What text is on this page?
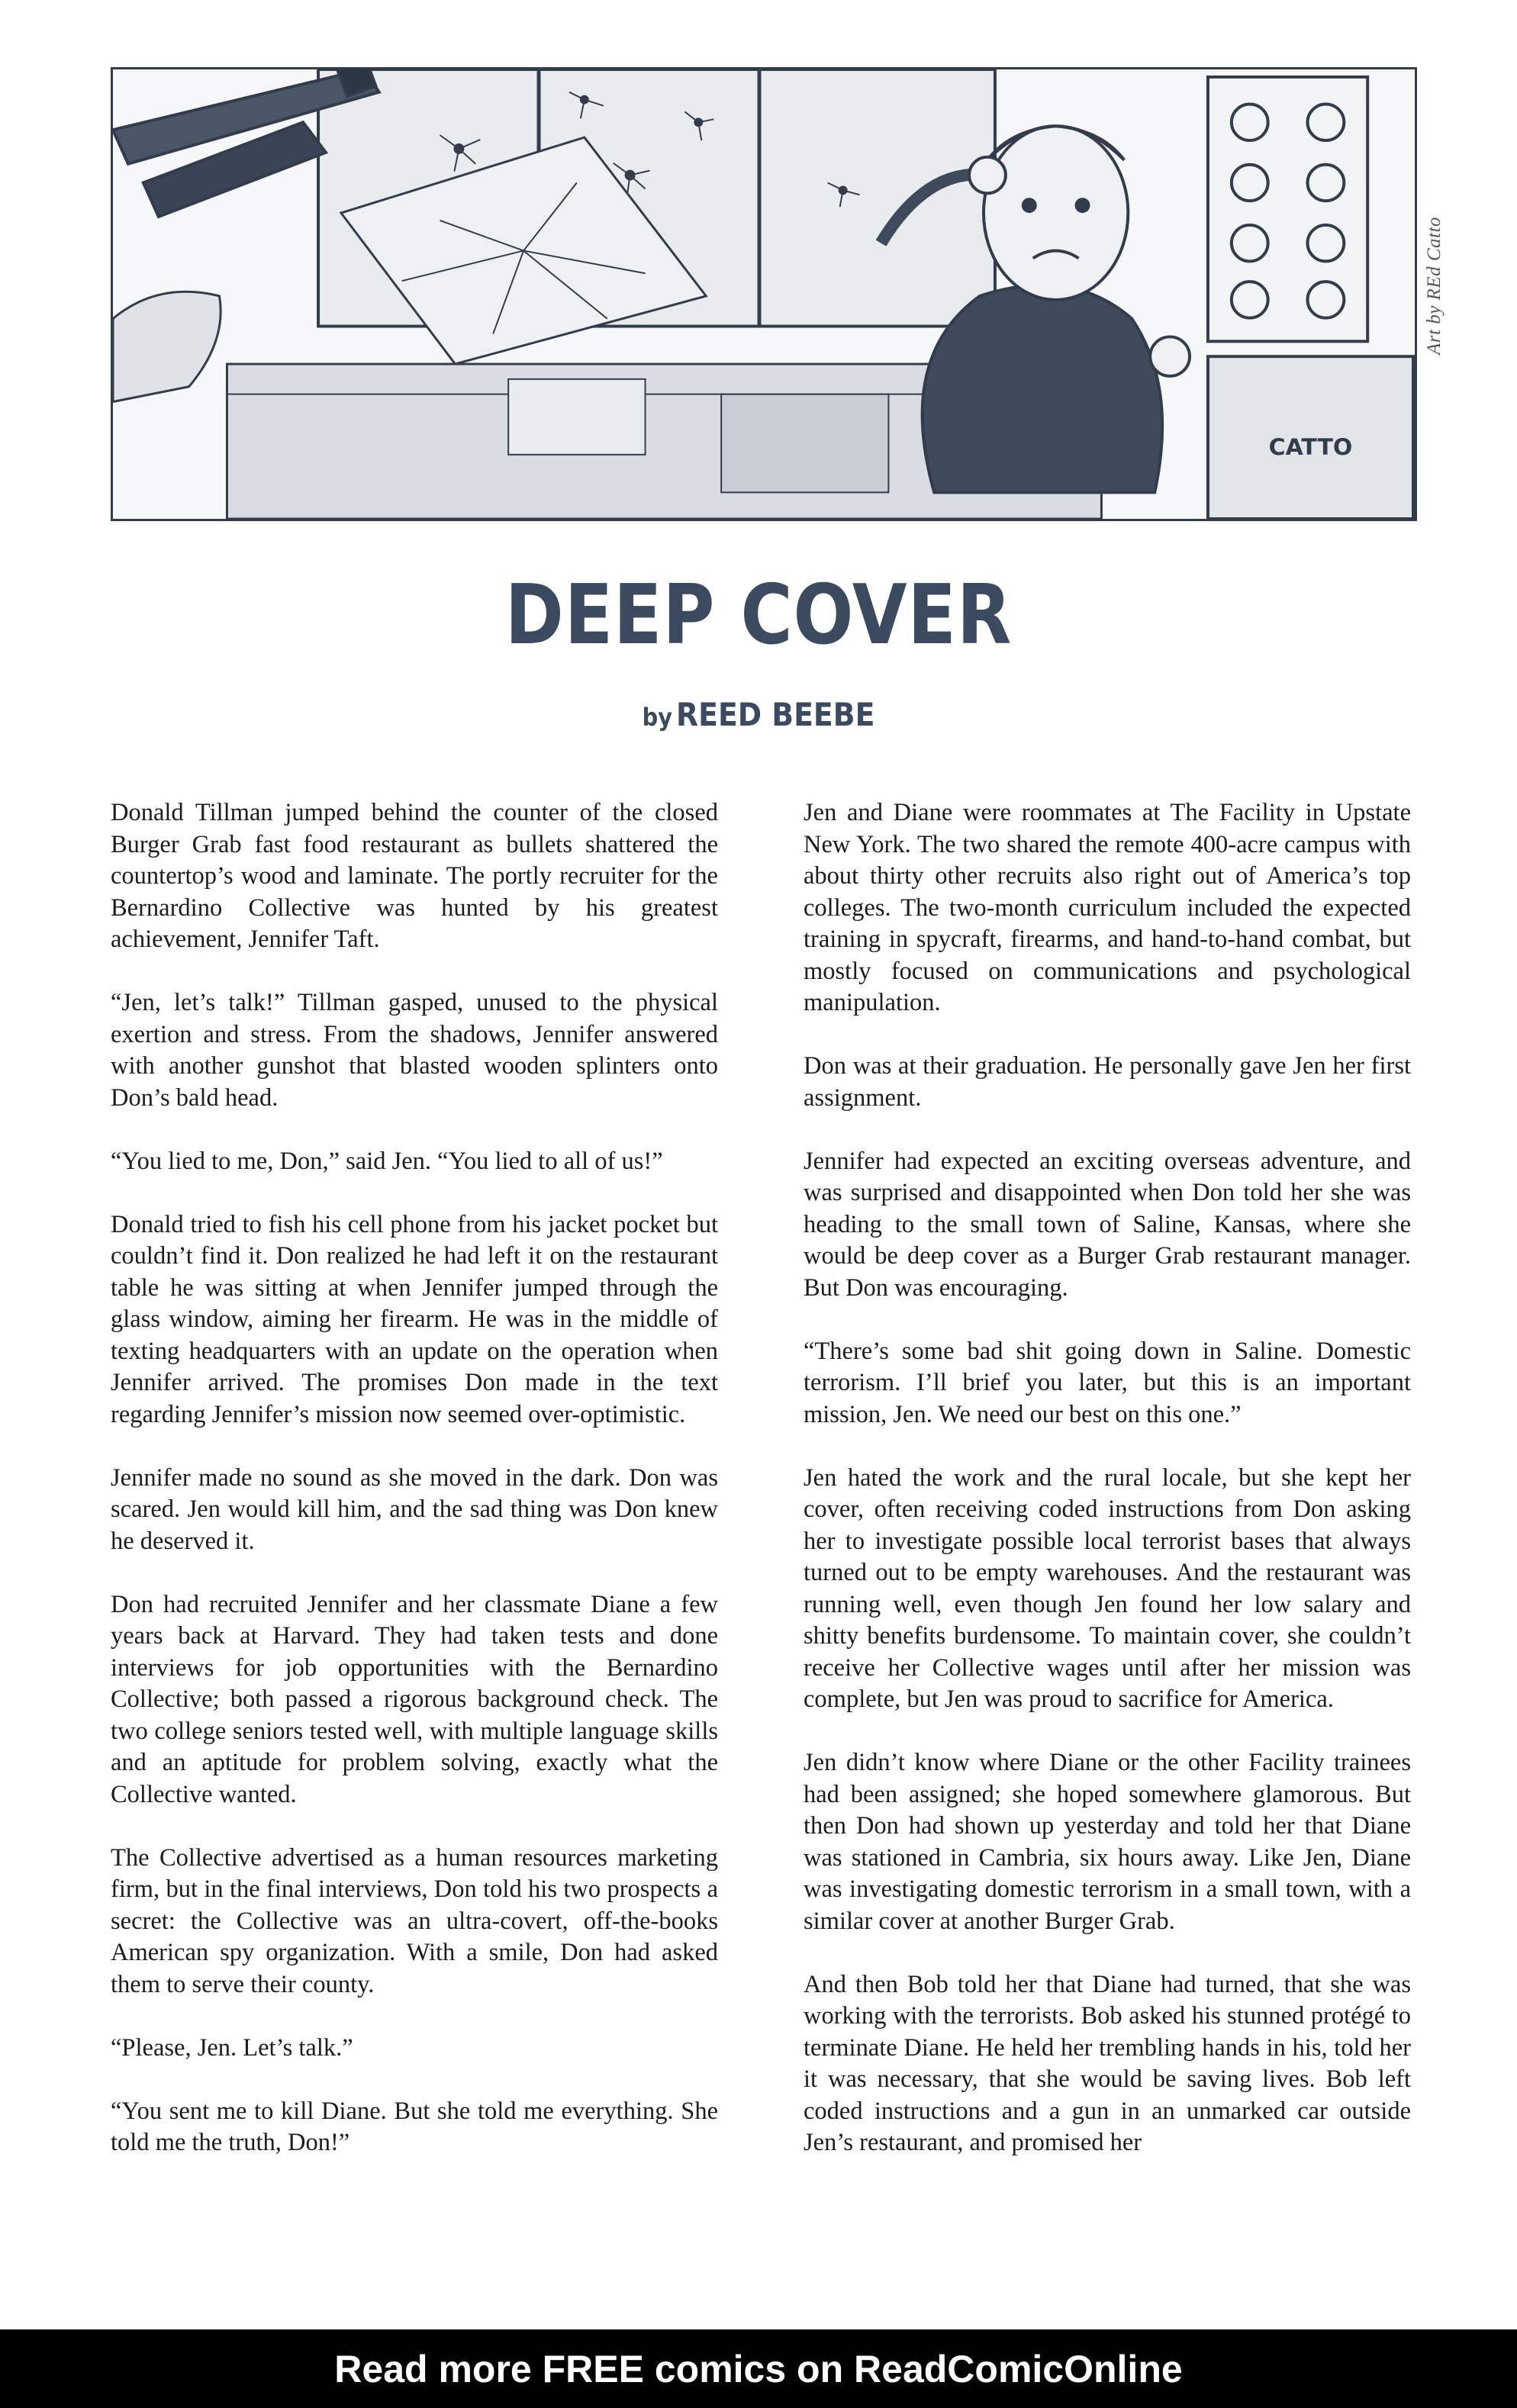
CATTO
Art by REd Catto
DEEP COVER
by REED BEEBE

Donald Tillman jumped behind the counter of the closed Burger Grab fast food restaurant as bullets shattered the countertop’s wood and laminate. The portly recruiter for the Bernardino Collective was hunted by his greatest achievement, Jennifer Taft.

“Jen, let’s talk!” Tillman gasped, unused to the physical exertion and stress. From the shadows, Jennifer answered with another gunshot that blasted wooden splinters onto Don’s bald head.

“You lied to me, Don,” said Jen. “You lied to all of us!”

Donald tried to fish his cell phone from his jacket pocket but couldn’t find it. Don realized he had left it on the restaurant table he was sitting at when Jennifer jumped through the glass window, aiming her firearm. He was in the middle of texting headquarters with an update on the operation when Jennifer arrived. The promises Don made in the text regarding Jennifer’s mission now seemed over-optimistic.

Jennifer made no sound as she moved in the dark. Don was scared. Jen would kill him, and the sad thing was Don knew he deserved it.

Don had recruited Jennifer and her classmate Diane a few years back at Harvard. They had taken tests and done interviews for job opportunities with the Bernardino Collective; both passed a rigorous background check. The two college seniors tested well, with multiple language skills and an aptitude for problem solving, exactly what the Collective wanted.

The Collective advertised as a human resources marketing firm, but in the final interviews, Don told his two prospects a secret: the Collective was an ultra-covert, off-the-books American spy organization. With a smile, Don had asked them to serve their county.

“Please, Jen. Let’s talk.”

“You sent me to kill Diane. But she told me everything. She told me the truth, Don!”

Jen and Diane were roommates at The Facility in Upstate New York. The two shared the remote 400-acre campus with about thirty other recruits also right out of America’s top colleges. The two-month curriculum included the expected training in spycraft, firearms, and hand-to-hand combat, but mostly focused on communications and psychological manipulation.

Don was at their graduation. He personally gave Jen her first assignment.

Jennifer had expected an exciting overseas adventure, and was surprised and disappointed when Don told her she was heading to the small town of Saline, Kansas, where she would be deep cover as a Burger Grab restaurant manager. But Don was encouraging.

“There’s some bad shit going down in Saline. Domestic terrorism. I’ll brief you later, but this is an important mission, Jen. We need our best on this one.”

Jen hated the work and the rural locale, but she kept her cover, often receiving coded instructions from Don asking her to investigate possible local terrorist bases that always turned out to be empty warehouses. And the restaurant was running well, even though Jen found her low salary and shitty benefits burdensome. To maintain cover, she couldn’t receive her Collective wages until after her mission was complete, but Jen was proud to sacrifice for America.

Jen didn’t know where Diane or the other Facility trainees had been assigned; she hoped somewhere glamorous. But then Don had shown up yesterday and told her that Diane was stationed in Cambria, six hours away. Like Jen, Diane was investigating domestic terrorism in a small town, with a similar cover at another Burger Grab.

And then Bob told her that Diane had turned, that she was working with the terrorists. Bob asked his stunned protégé to terminate Diane. He held her trembling hands in his, told her it was necessary, that she would be saving lives. Bob left coded instructions and a gun in an unmarked car outside Jen’s restaurant, and promised her

Read more FREE comics on ReadComicOnline
